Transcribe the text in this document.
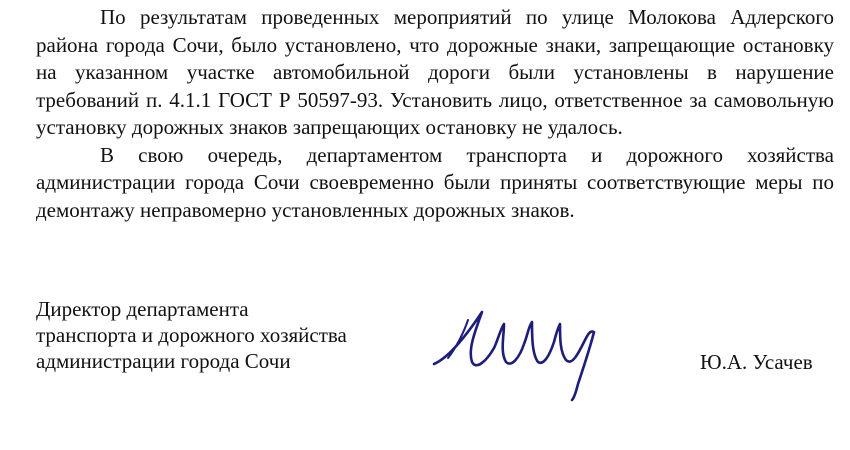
По результатам проведенных мероприятий по улице Молокова Адлерского района города Сочи, было установлено, что дорожные знаки, запрещающие остановку на указанном участке автомобильной дороги были установлены в нарушение требований п. 4.1.1 ГОСТ Р 50597-93. Установить лицо, ответственное за самовольную установку дорожных знаков запрещающих остановку не удалось.

В свою очередь, департаментом транспорта и дорожного хозяйства администрации города Сочи своевременно были приняты соответствующие меры по демонтажу неправомерно установленных дорожных знаков.

Директор департамента
транспорта и дорожного хозяйства
администрации города Сочи	Ю.А. Усачев
